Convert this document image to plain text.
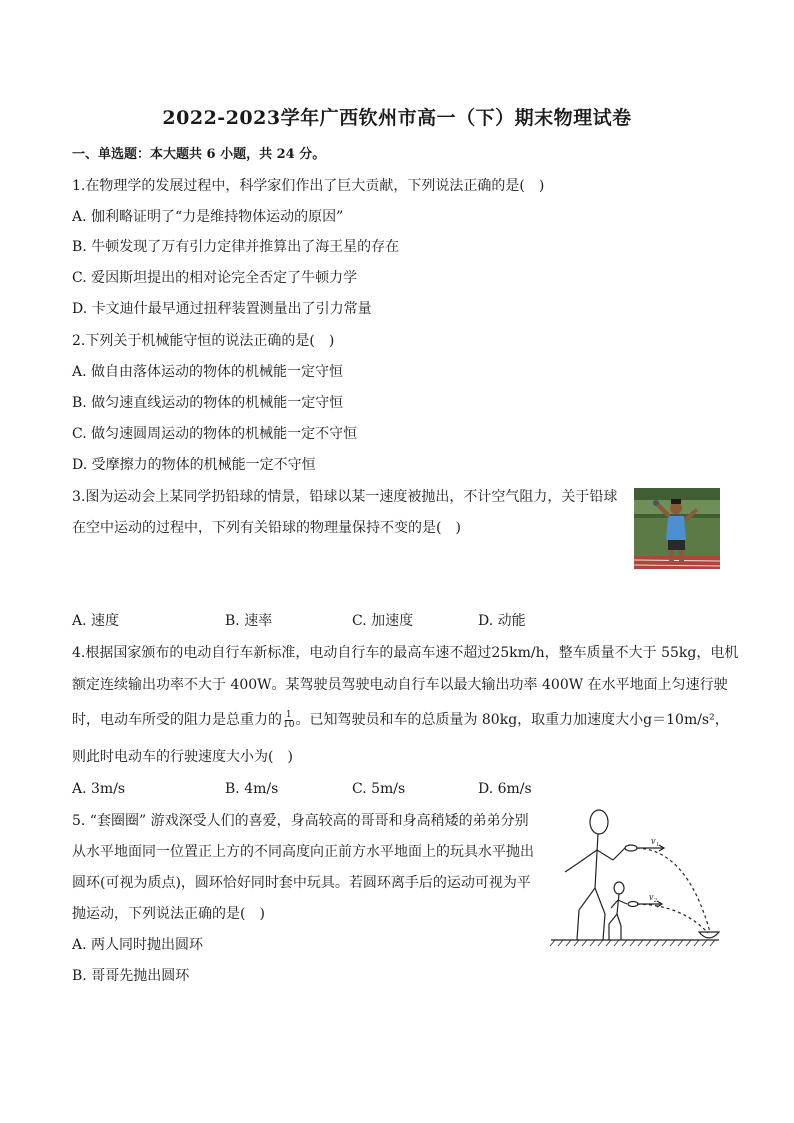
2022-2023学年广西钦州市高一（下）期末物理试卷
一、单选题：本大题共 6 小题，共 24 分。
1.在物理学的发展过程中，科学家们作出了巨大贡献，下列说法正确的是(　)
A. 伽利略证明了“力是维持物体运动的原因”
B. 牛顿发现了万有引力定律并推算出了海王星的存在
C. 爱因斯坦提出的相对论完全否定了牛顿力学
D. 卡文迪什最早通过扭秤装置测量出了引力常量
2.下列关于机械能守恒的说法正确的是(　)
A. 做自由落体运动的物体的机械能一定守恒
B. 做匀速直线运动的物体的机械能一定守恒
C. 做匀速圆周运动的物体的机械能一定不守恒
D. 受摩擦力的物体的机械能一定不守恒
3.图为运动会上某同学扔铅球的情景，铅球以某一速度被抛出，不计空气阻力，关于铅球
在空中运动的过程中，下列有关铅球的物理量保持不变的是(　)
A. 速度	B. 速率	C. 加速度	D. 动能
4.根据国家颁布的电动自行车新标准，电动自行车的最高车速不超过25km/h，整车质量不大于 55kg，电机
额定连续输出功率不大于 400W。某驾驶员驾驶电动自行车以最大输出功率 400W 在水平地面上匀速行驶
时，电动车所受的阻力是总重力的 $\frac{1}{10}$ 。已知驾驶员和车的总质量为 80kg，取重力加速度大小g＝10m/s²，
则此时电动车的行驶速度大小为(　)
A. 3m/s	B. 4m/s	C. 5m/s	D. 6m/s
5. “套圈圈” 游戏深受人们的喜爱，身高较高的哥哥和身高稍矮的弟弟分别
从水平地面同一位置正上方的不同高度向正前方水平地面上的玩具水平抛出
圆环(可视为质点)，圆环恰好同时套中玩具。若圆环离手后的运动可视为平
抛运动，下列说法正确的是(　)
A. 两人同时抛出圆环
B. 哥哥先抛出圆环
v₁
v₂
